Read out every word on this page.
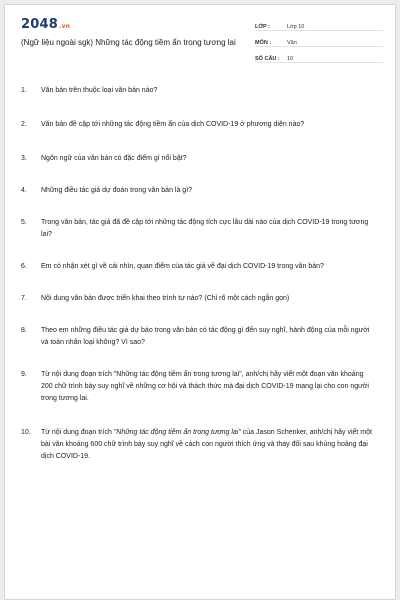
2048.vn
(Ngữ liệu ngoài sgk) Những tác động tiềm ẩn trong tương lai
LỚP :	Lớp 10
MÔN :	Văn
SỐ CÂU :	10
1.	Văn bản trên thuộc loại văn bản nào?
2.	Văn bản đề cập tới những tác động tiềm ẩn của dịch COVID-19 ở phương diện nào?
3.	Ngôn ngữ của văn bản có đặc điểm gì nổi bật?
4.	Những điều tác giả dự đoán trong văn bản là gì?
5.	Trong văn bản, tác giả đã đề cập tới những tác động tích cực lâu dài nào của dịch COVID-19 trong tương lai?
6.	Em có nhận xét gì về cái nhìn, quan điểm của tác giả về đại dịch COVID-19 trong văn bản?
7.	Nội dung văn bản được triển khai theo trình tự nào? (Chỉ rõ một cách ngắn gọn)
8.	Theo em những điều tác giả dự báo trong văn bản có tác động gì đến suy nghĩ, hành động của mỗi người và toàn nhân loại không? Vì sao?
9.	Từ nội dung đoạn trích "Những tác động tiềm ẩn trong tương lai", anh/chị hãy viết một đoạn văn khoảng 200 chữ trình bày suy nghĩ về những cơ hội và thách thức mà đại dịch COVID-19 mang lại cho con người trong tương lai.
10.	Từ nội dung đoạn trích "Những tác động tiềm ẩn trong tương lai" của Jason Schenker, anh/chị hãy viết một bài văn khoảng 600 chữ trình bày suy nghĩ về cách con người thích ứng và thay đổi sau khủng hoảng đại dịch COVID-19.
